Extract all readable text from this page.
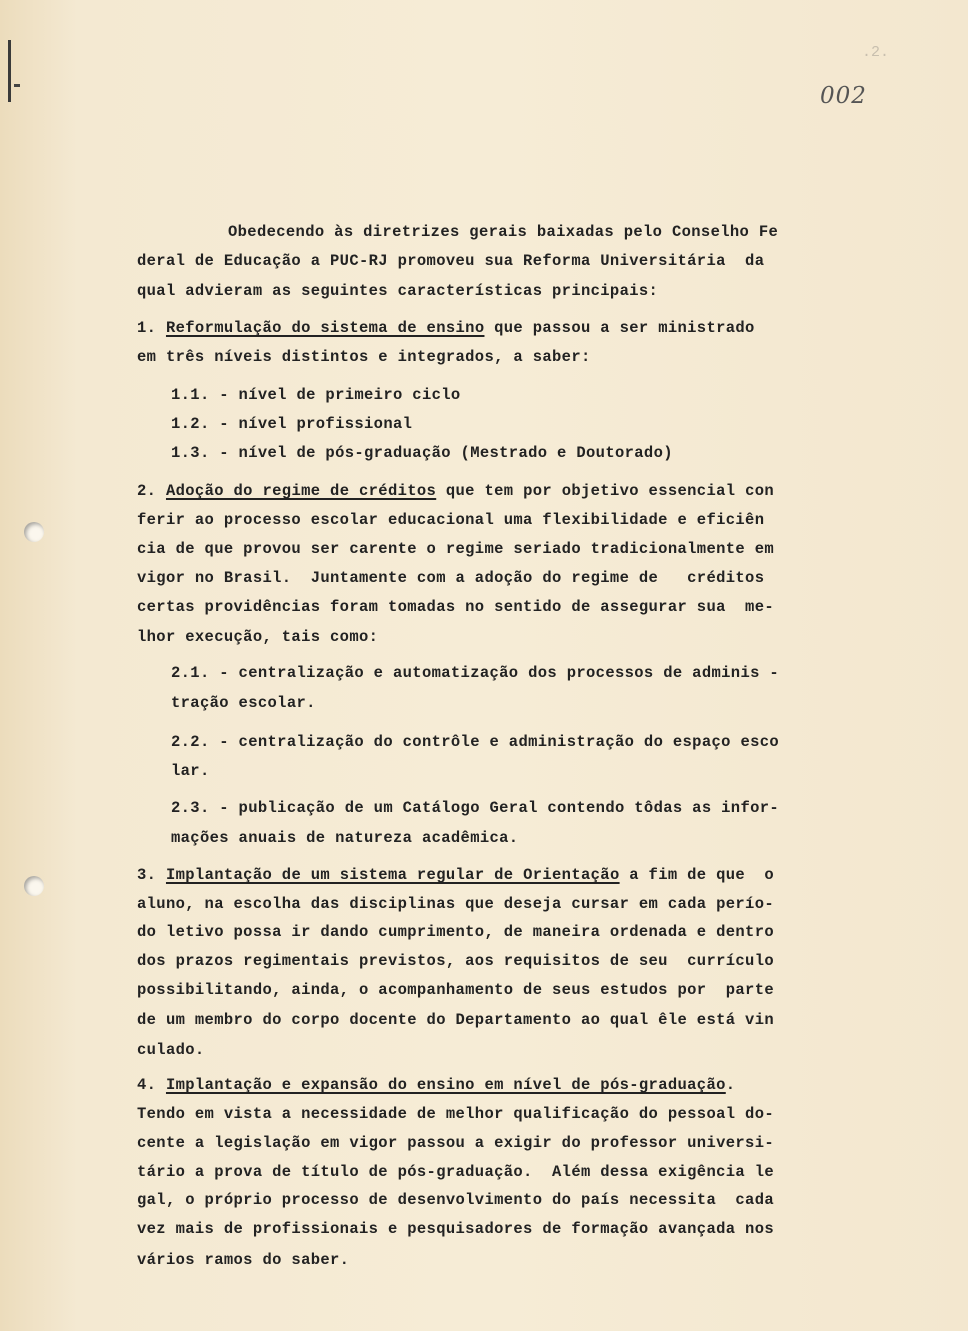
.2.
002
Obedecendo às diretrizes gerais baixadas pelo Conselho Fe
deral de Educação a PUC-RJ promoveu sua Reforma Universitária  da
qual advieram as seguintes características principais:
1. Reformulação do sistema de ensino que passou a ser ministrado
em três níveis distintos e integrados, a saber:
1.1. - nível de primeiro ciclo
1.2. - nível profissional
1.3. - nível de pós-graduação (Mestrado e Doutorado)
2. Adoção do regime de créditos que tem por objetivo essencial con
ferir ao processo escolar educacional uma flexibilidade e eficiên
cia de que provou ser carente o regime seriado tradicionalmente em
vigor no Brasil.  Juntamente com a adoção do regime de   créditos
certas providências foram tomadas no sentido de assegurar sua  me-
lhor execução, tais como:
2.1. - centralização e automatização dos processos de adminis -
tração escolar.
2.2. - centralização do contrôle e administração do espaço esco
lar.
2.3. - publicação de um Catálogo Geral contendo tôdas as infor-
mações anuais de natureza acadêmica.
3. Implantação de um sistema regular de Orientação a fim de que  o
aluno, na escolha das disciplinas que deseja cursar em cada perío-
do letivo possa ir dando cumprimento, de maneira ordenada e dentro
dos prazos regimentais previstos, aos requisitos de seu  currículo
possibilitando, ainda, o acompanhamento de seus estudos por  parte
de um membro do corpo docente do Departamento ao qual êle está vin
culado.
4. Implantação e expansão do ensino em nível de pós-graduação.
Tendo em vista a necessidade de melhor qualificação do pessoal do-
cente a legislação em vigor passou a exigir do professor universi-
tário a prova de título de pós-graduação.  Além dessa exigência le
gal, o próprio processo de desenvolvimento do país necessita  cada
vez mais de profissionais e pesquisadores de formação avançada nos
vários ramos do saber.
